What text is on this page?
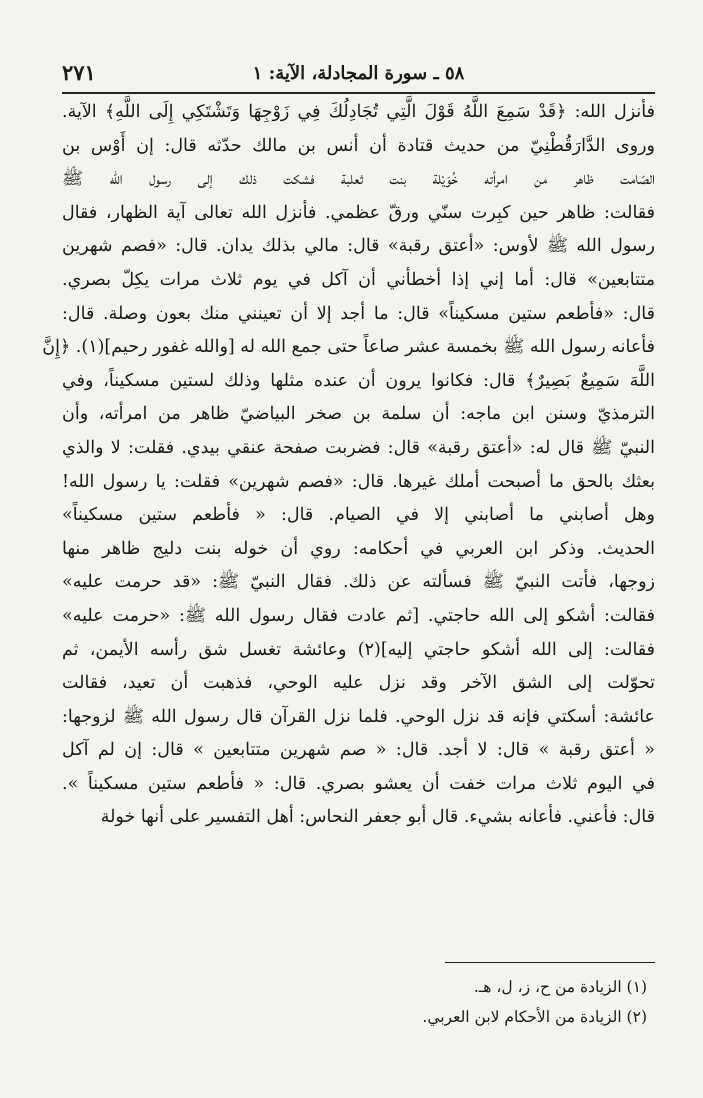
٥٨ ـ سورة المجادلة، الآية: ١
٢٧١
فأنزل الله: ﴿قَدْ سَمِعَ اللَّهُ قَوْلَ الَّتِي تُجَادِلُكَ فِي زَوْجِهَا وَتَشْتَكِي إِلَى اللَّهِ﴾ الآية.
وروى الدَّارَقُطْنِيّ من حديث قتادة أن أنس بن مالك حدّثه قال: إن أَوْس بن
الصّامت ظاهر من امرأته خُوَيْلة بنت ثعلبة فشكت ذلك إلى رسول الله ﷺ
فقالت: ظاهر حين كبِرت سنّي ورقّ عظمي. فأنزل الله تعالى آية الظهار، فقال
رسول الله ﷺ لأوس: «أعتق رقبة» قال: مالي بذلك يدان. قال: «فصم شهرين
متتابعين» قال: أما إني إذا أخطأني أن آكل في يوم ثلاث مرات يكِلّ بصري.
قال: «فأطعم ستين مسكيناً» قال: ما أجد إلا أن تعينني منك بعون وصلة. قال:
فأعانه رسول الله ﷺ بخمسة عشر صاعاً حتى جمع الله له [والله غفور رحيم](١). ﴿إِنَّ
اللَّهَ سَمِيعٌ بَصِيرٌ﴾ قال: فكانوا يرون أن عنده مثلها وذلك لستين مسكيناً، وفي
الترمذيّ وسنن ابن ماجه: أن سلمة بن صخر البياضيّ ظاهر من امرأته، وأن
النبيّ ﷺ قال له: «أعتق رقبة» قال: فضربت صفحة عنقي بيدي. فقلت: لا والذي
بعثك بالحق ما أصبحت أملك غيرها. قال: «فصم شهرين» فقلت: يا رسول الله!
وهل أصابني ما أصابني إلا في الصيام. قال: « فأطعم ستين مسكيناً»
الحديث. وذكر ابن العربي في أحكامه: روي أن خوله بنت دليج ظاهر منها
زوجها، فأتت النبيّ ﷺ فسألته عن ذلك. فقال النبيّ ﷺ: «قد حرمت عليه»
فقالت: أشكو إلى الله حاجتي. [ثم عادت فقال رسول الله ﷺ: «حرمت عليه»
فقالت: إلى الله أشكو حاجتي إليه](٢) وعائشة تغسل شق رأسه الأيمن، ثم
تحوّلت إلى الشق الآخر وقد نزل عليه الوحي، فذهبت أن تعيد، فقالت
عائشة: أسكتي فإنه قد نزل الوحي. فلما نزل القرآن قال رسول الله ﷺ لزوجها:
« أعتق رقبة » قال: لا أجد. قال: « صم شهرين متتابعين » قال: إن لم آكل
في اليوم ثلاث مرات خفت أن يعشو بصري. قال: « فأطعم ستين مسكيناً ».
قال: فأعني. فأعانه بشيء. قال أبو جعفر النحاس: أهل التفسير على أنها خولة
(١) الزيادة من ح، ز، ل، هـ.
(٢) الزيادة من الأحكام لابن العربي.
